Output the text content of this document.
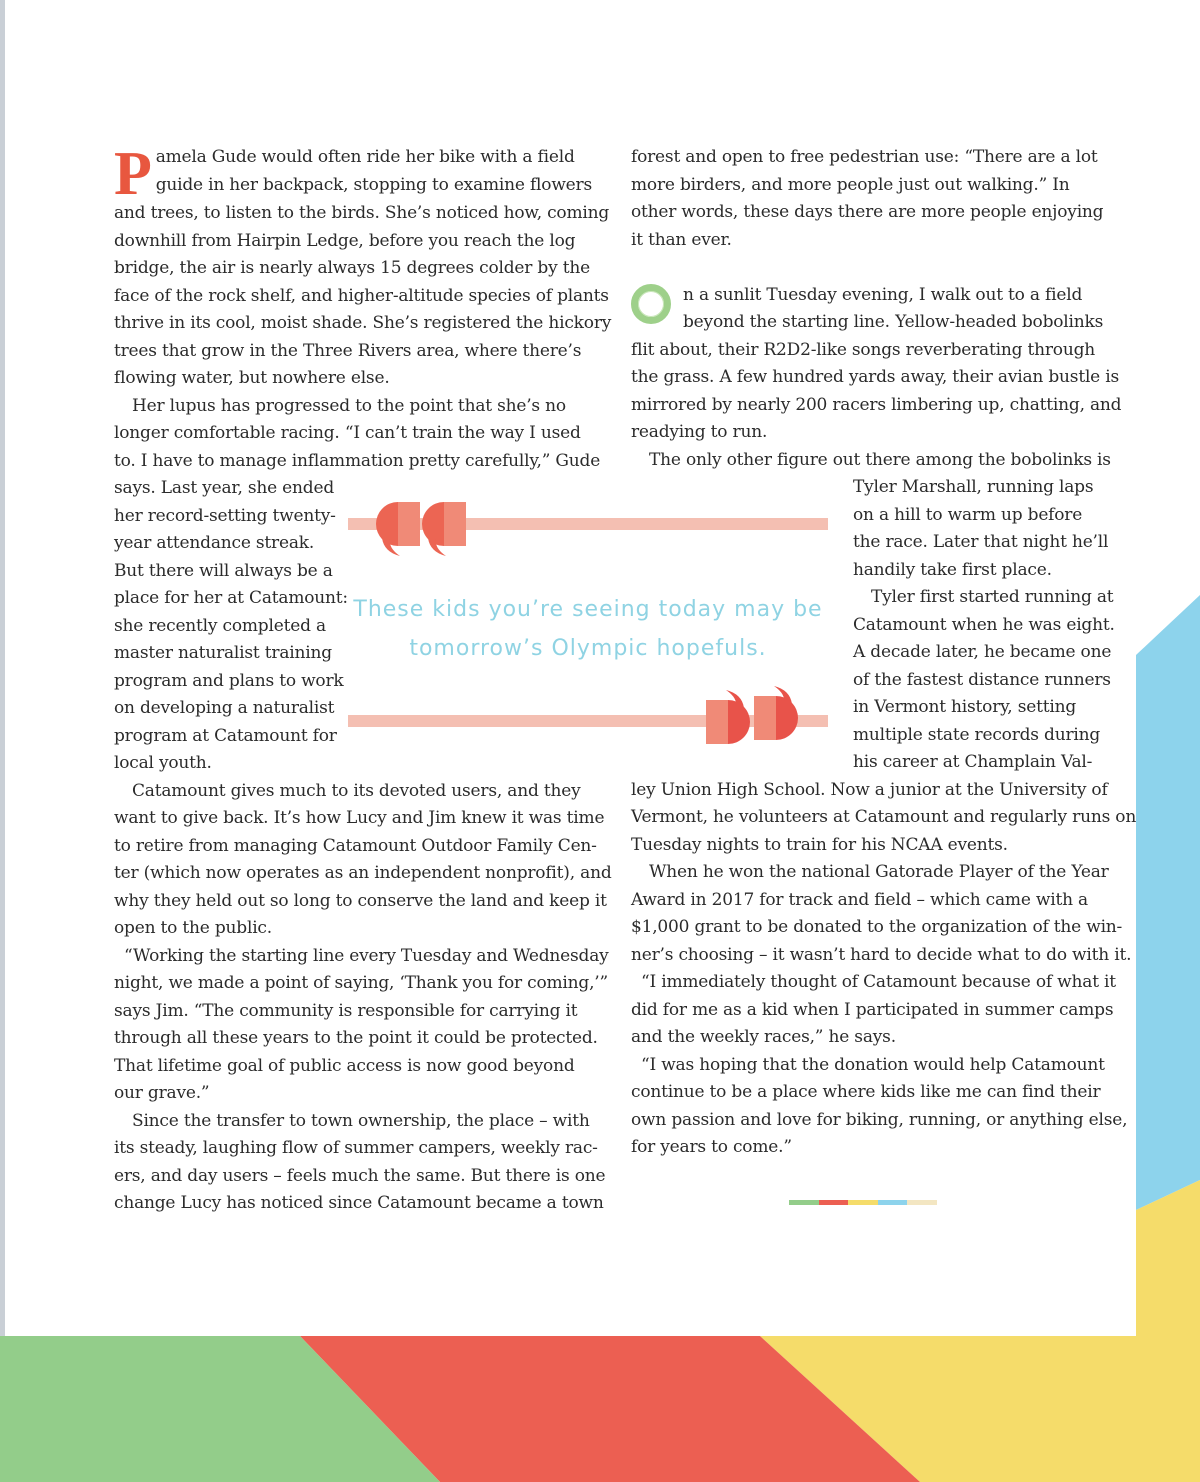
P amela Gude would often ride her bike with a field
guide in her backpack, stopping to examine flowers
and trees, to listen to the birds. She’s noticed how, coming
downhill from Hairpin Ledge, before you reach the log
bridge, the air is nearly always 15 degrees colder by the
face of the rock shelf, and higher-altitude species of plants
thrive in its cool, moist shade. She’s registered the hickory
trees that grow in the Three Rivers area, where there’s
flowing water, but nowhere else.

Her lupus has progressed to the point that she’s no
longer comfortable racing. “I can’t train the way I used
to. I have to manage inflammation pretty carefully,” Gude
says. Last year, she ended
her record-setting twenty-
year attendance streak.
But there will always be a
place for her at Catamount:
she recently completed a
master naturalist training
program and plans to work
on developing a naturalist
program at Catamount for
local youth.

Catamount gives much to its devoted users, and they
want to give back. It’s how Lucy and Jim knew it was time
to retire from managing Catamount Outdoor Family Cen-
ter (which now operates as an independent nonprofit), and
why they held out so long to conserve the land and keep it
open to the public.

“Working the starting line every Tuesday and Wednesday
night, we made a point of saying, ‘Thank you for coming,’”
says Jim. “The community is responsible for carrying it
through all these years to the point it could be protected.
That lifetime goal of public access is now good beyond
our grave.”

Since the transfer to town ownership, the place – with
its steady, laughing flow of summer campers, weekly rac-
ers, and day users – feels much the same. But there is one
change Lucy has noticed since Catamount became a town

forest and open to free pedestrian use: “There are a lot
more birders, and more people just out walking.” In
other words, these days there are more people enjoying
it than ever.

n a sunlit Tuesday evening, I walk out to a field
beyond the starting line. Yellow-headed bobolinks
flit about, their R2D2-like songs reverberating through
the grass. A few hundred yards away, their avian bustle is
mirrored by nearly 200 racers limbering up, chatting, and
readying to run.

The only other figure out there among the bobolinks is
Tyler Marshall, running laps
on a hill to warm up before
the race. Later that night he’ll
handily take first place.

Tyler first started running at
Catamount when he was eight.
A decade later, he became one
of the fastest distance runners
in Vermont history, setting
multiple state records during
his career at Champlain Val-
ley Union High School. Now a junior at the University of
Vermont, he volunteers at Catamount and regularly runs on
Tuesday nights to train for his NCAA events.

When he won the national Gatorade Player of the Year
Award in 2017 for track and field – which came with a
$1,000 grant to be donated to the organization of the win-
ner’s choosing – it wasn’t hard to decide what to do with it.

“I immediately thought of Catamount because of what it
did for me as a kid when I participated in summer camps
and the weekly races,” he says.

“I was hoping that the donation would help Catamount
continue to be a place where kids like me can find their
own passion and love for biking, running, or anything else,
for years to come.”

These kids you’re seeing today may be
tomorrow’s Olympic hopefuls.
